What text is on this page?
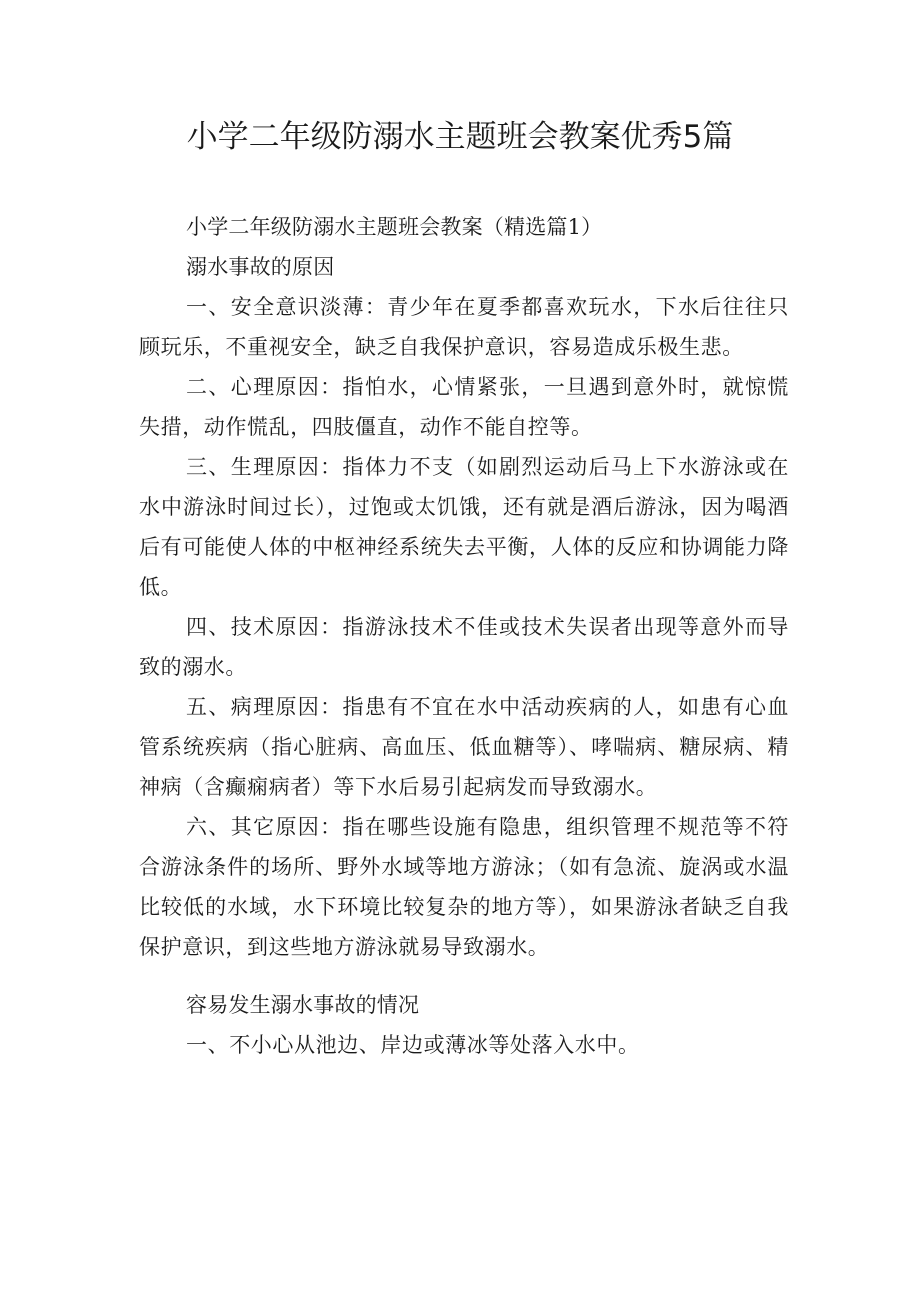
小学二年级防溺水主题班会教案优秀5篇

小学二年级防溺水主题班会教案（精选篇1）

溺水事故的原因

一、安全意识淡薄：青少年在夏季都喜欢玩水，下水后往往只顾玩乐，不重视安全，缺乏自我保护意识，容易造成乐极生悲。

二、心理原因：指怕水，心情紧张，一旦遇到意外时，就惊慌失措，动作慌乱，四肢僵直，动作不能自控等。

三、生理原因：指体力不支（如剧烈运动后马上下水游泳或在水中游泳时间过长），过饱或太饥饿，还有就是酒后游泳，因为喝酒后有可能使人体的中枢神经系统失去平衡，人体的反应和协调能力降低。

四、技术原因：指游泳技术不佳或技术失误者出现等意外而导致的溺水。

五、病理原因：指患有不宜在水中活动疾病的人，如患有心血管系统疾病（指心脏病、高血压、低血糖等）、哮喘病、糖尿病、精神病（含癫痫病者）等下水后易引起病发而导致溺水。

六、其它原因：指在哪些设施有隐患，组织管理不规范等不符合游泳条件的场所、野外水域等地方游泳；（如有急流、旋涡或水温比较低的水域，水下环境比较复杂的地方等），如果游泳者缺乏自我保护意识，到这些地方游泳就易导致溺水。

容易发生溺水事故的情况

一、不小心从池边、岸边或薄冰等处落入水中。
